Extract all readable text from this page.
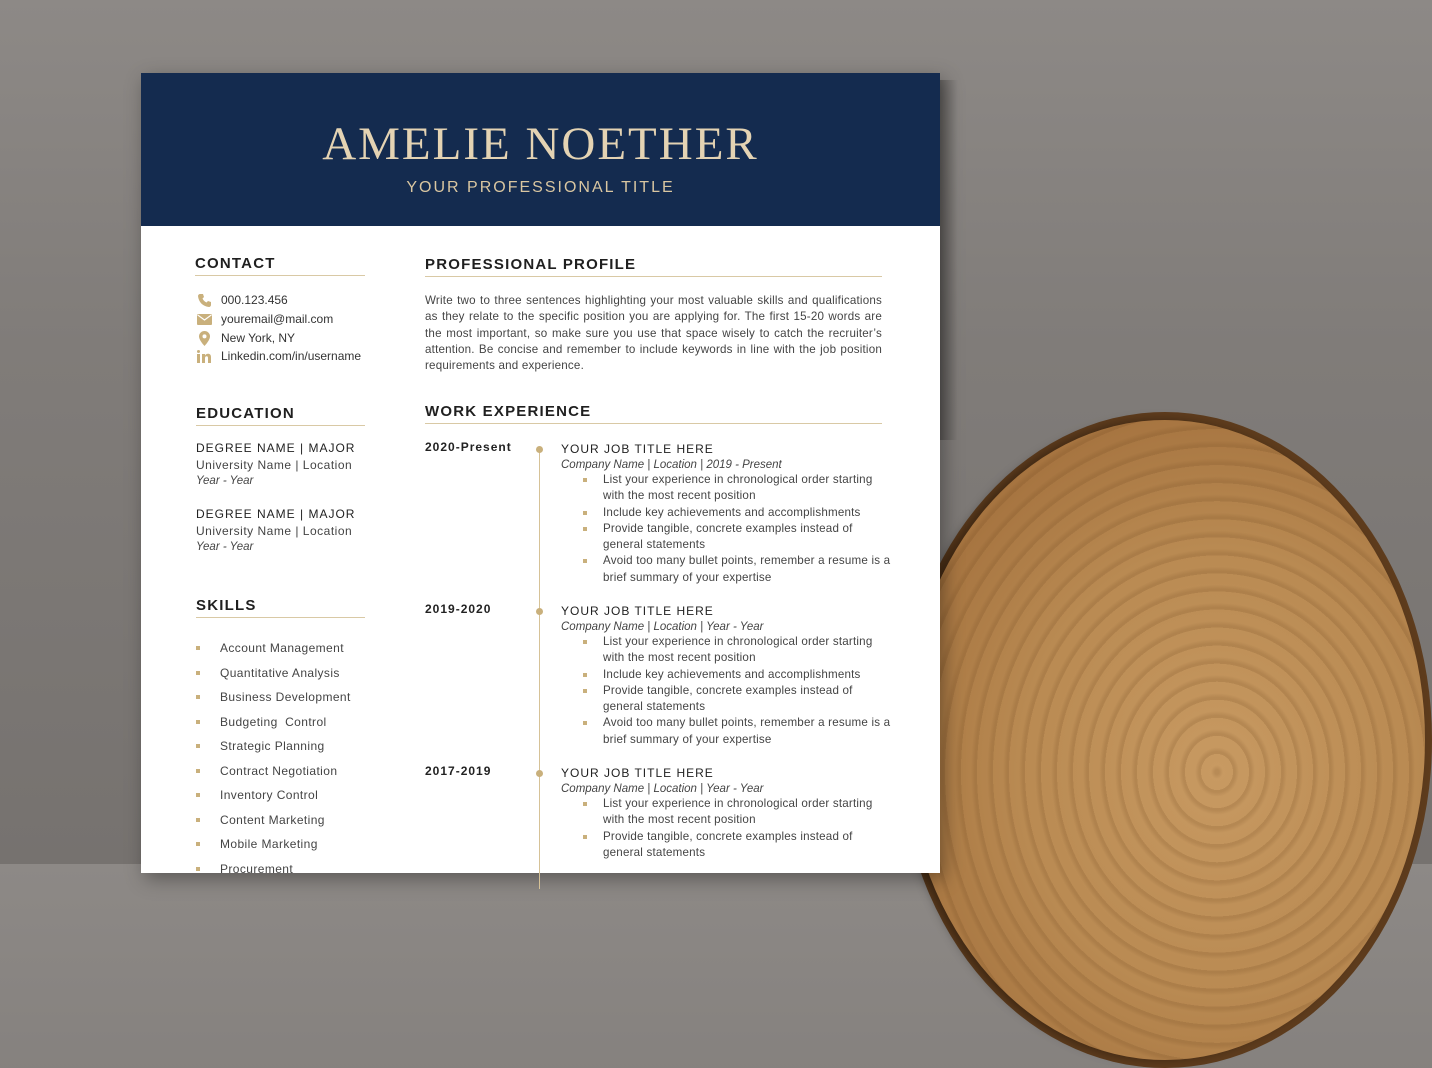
AMELIE NOETHER
YOUR PROFESSIONAL TITLE
CONTACT
000.123.456
youremail@mail.com
New York, NY
Linkedin.com/in/username
EDUCATION
DEGREE NAME | MAJOR
University Name | Location
Year - Year
DEGREE NAME | MAJOR
University Name | Location
Year - Year
SKILLS
Account Management
Quantitative Analysis
Business Development
Budgeting  Control
Strategic Planning
Contract Negotiation
Inventory Control
Content Marketing
Mobile Marketing
Procurement
PROFESSIONAL PROFILE
Write two to three sentences highlighting your most valuable skills and qualifications as they relate to the specific position you are applying for. The first 15-20 words are the most important, so make sure you use that space wisely to catch the recruiter’s attention. Be concise and remember to include keywords in line with the job position requirements and experience.
WORK EXPERIENCE
2020-Present	YOUR JOB TITLE HERE
Company Name | Location | 2019 - Present
List your experience in chronological order starting with the most recent position
Include key achievements and accomplishments
Provide tangible, concrete examples instead of general statements
Avoid too many bullet points, remember a resume is a brief summary of your expertise
2019-2020	YOUR JOB TITLE HERE
Company Name | Location | Year - Year
List your experience in chronological order starting with the most recent position
Include key achievements and accomplishments
Provide tangible, concrete examples instead of general statements
Avoid too many bullet points, remember a resume is a brief summary of your expertise
2017-2019	YOUR JOB TITLE HERE
Company Name | Location | Year - Year
List your experience in chronological order starting with the most recent position
Provide tangible, concrete examples instead of general statements
